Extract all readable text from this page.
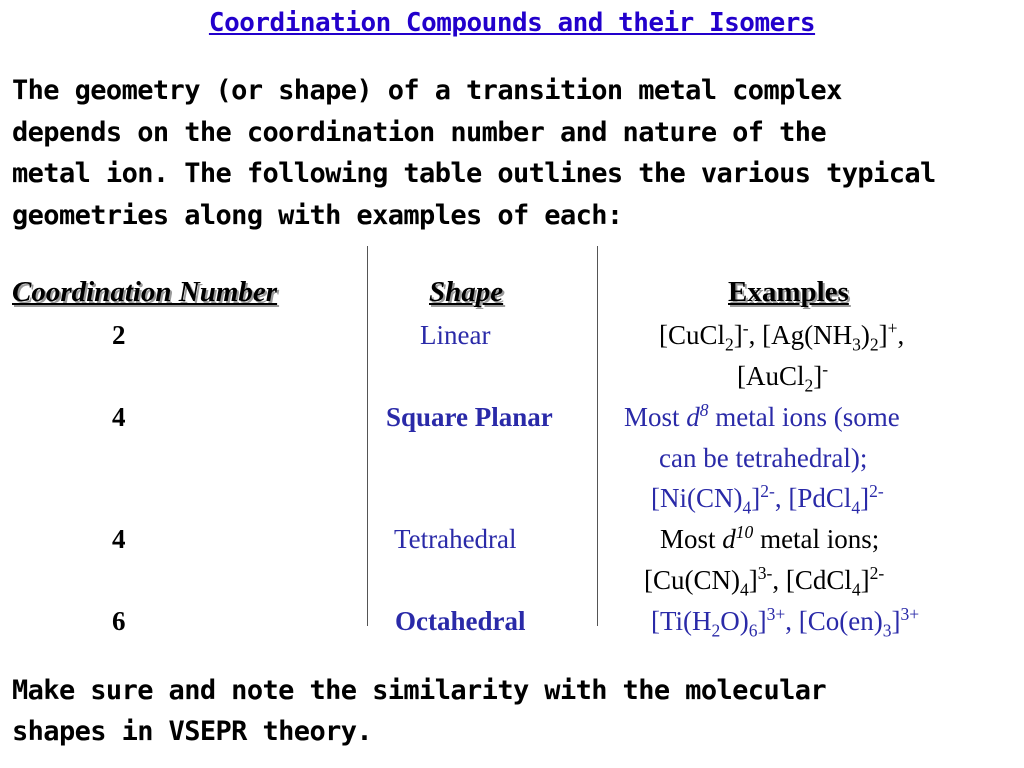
Coordination Compounds and their Isomers
The geometry (or shape) of a transition metal complex
depends on the coordination number and nature of the
metal ion. The following table outlines the various typical
geometries along with examples of each:
Coordination Number	Shape	Examples
2	Linear	[CuCl$_2$]-, $[Ag(NH_3)_2]^+$,
[AuCl$_2$]-
4	Square Planar	Most $d^8$ metal ions (some
can be tetrahedral);
$[Ni(CN)_4]^{2-}$, [PdCl$_4$]$^{2-}$
4	Tetrahedral	Most $d^{10}$ metal ions;
$[Cu(CN)_4]^{3-}$, [CdCl$_4$]$^{2-}$
6	Octahedral	$[Ti(H_2O)_6]^{3+}$, $[Co(en)_3]^{3+}$
Make sure and note the similarity with the molecular
shapes in VSEPR theory.
